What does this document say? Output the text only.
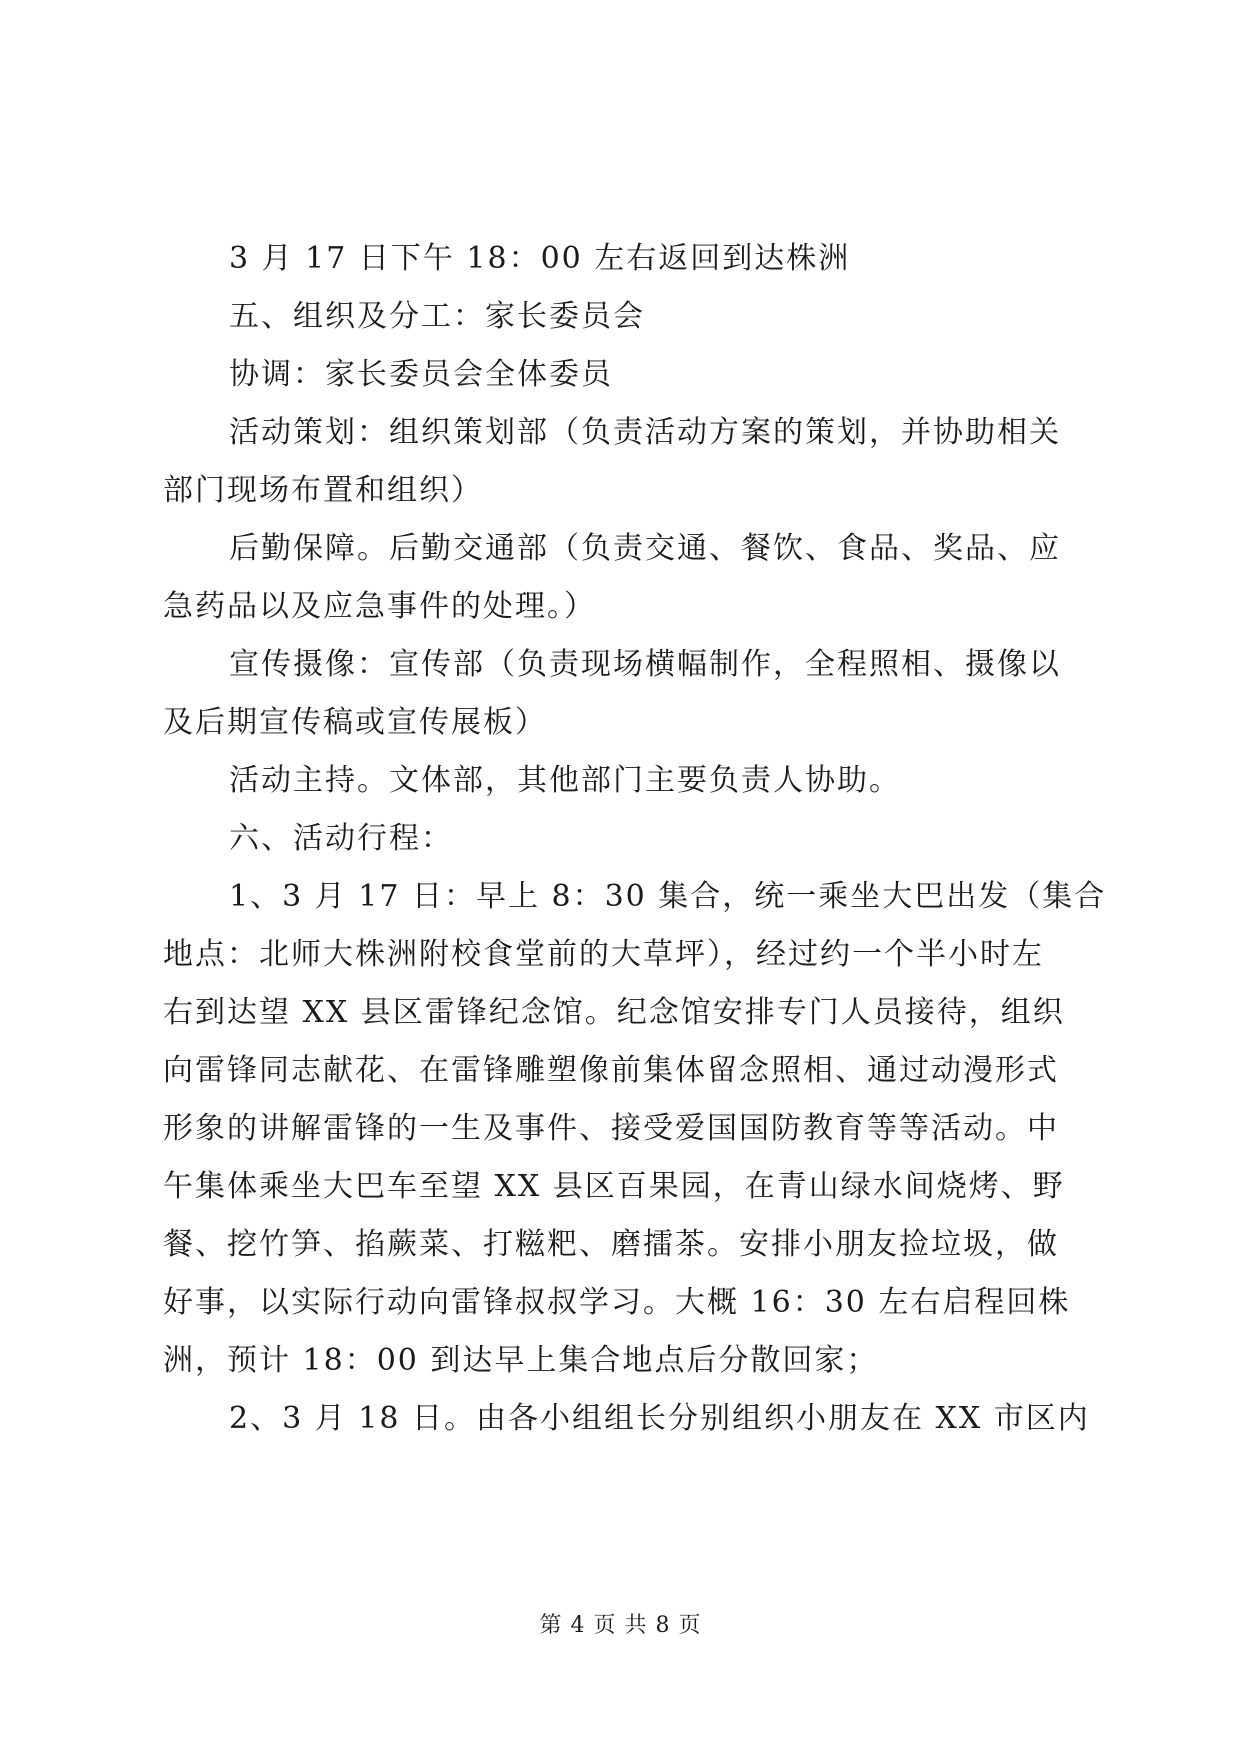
3 月 17 日下午 18：00 左右返回到达株洲
五、组织及分工：家长委员会
协调：家长委员会全体委员
活动策划：组织策划部（负责活动方案的策划，并协助相关
部门现场布置和组织）
后勤保障。后勤交通部（负责交通、餐饮、食品、奖品、应
急药品以及应急事件的处理。）
宣传摄像：宣传部（负责现场横幅制作，全程照相、摄像以
及后期宣传稿或宣传展板）
活动主持。文体部，其他部门主要负责人协助。
六、活动行程：
1、3 月 17 日：早上 8：30 集合，统一乘坐大巴出发（集合
地点：北师大株洲附校食堂前的大草坪），经过约一个半小时左
右到达望 XX 县区雷锋纪念馆。纪念馆安排专门人员接待，组织
向雷锋同志献花、在雷锋雕塑像前集体留念照相、通过动漫形式
形象的讲解雷锋的一生及事件、接受爱国国防教育等等活动。中
午集体乘坐大巴车至望 XX 县区百果园，在青山绿水间烧烤、野
餐、挖竹笋、掐蕨菜、打糍粑、磨擂茶。安排小朋友捡垃圾，做
好事，以实际行动向雷锋叔叔学习。大概 16：30 左右启程回株
洲，预计 18：00 到达早上集合地点后分散回家；
2、3 月 18 日。由各小组组长分别组织小朋友在 XX 市区内
第 4 页 共 8 页
